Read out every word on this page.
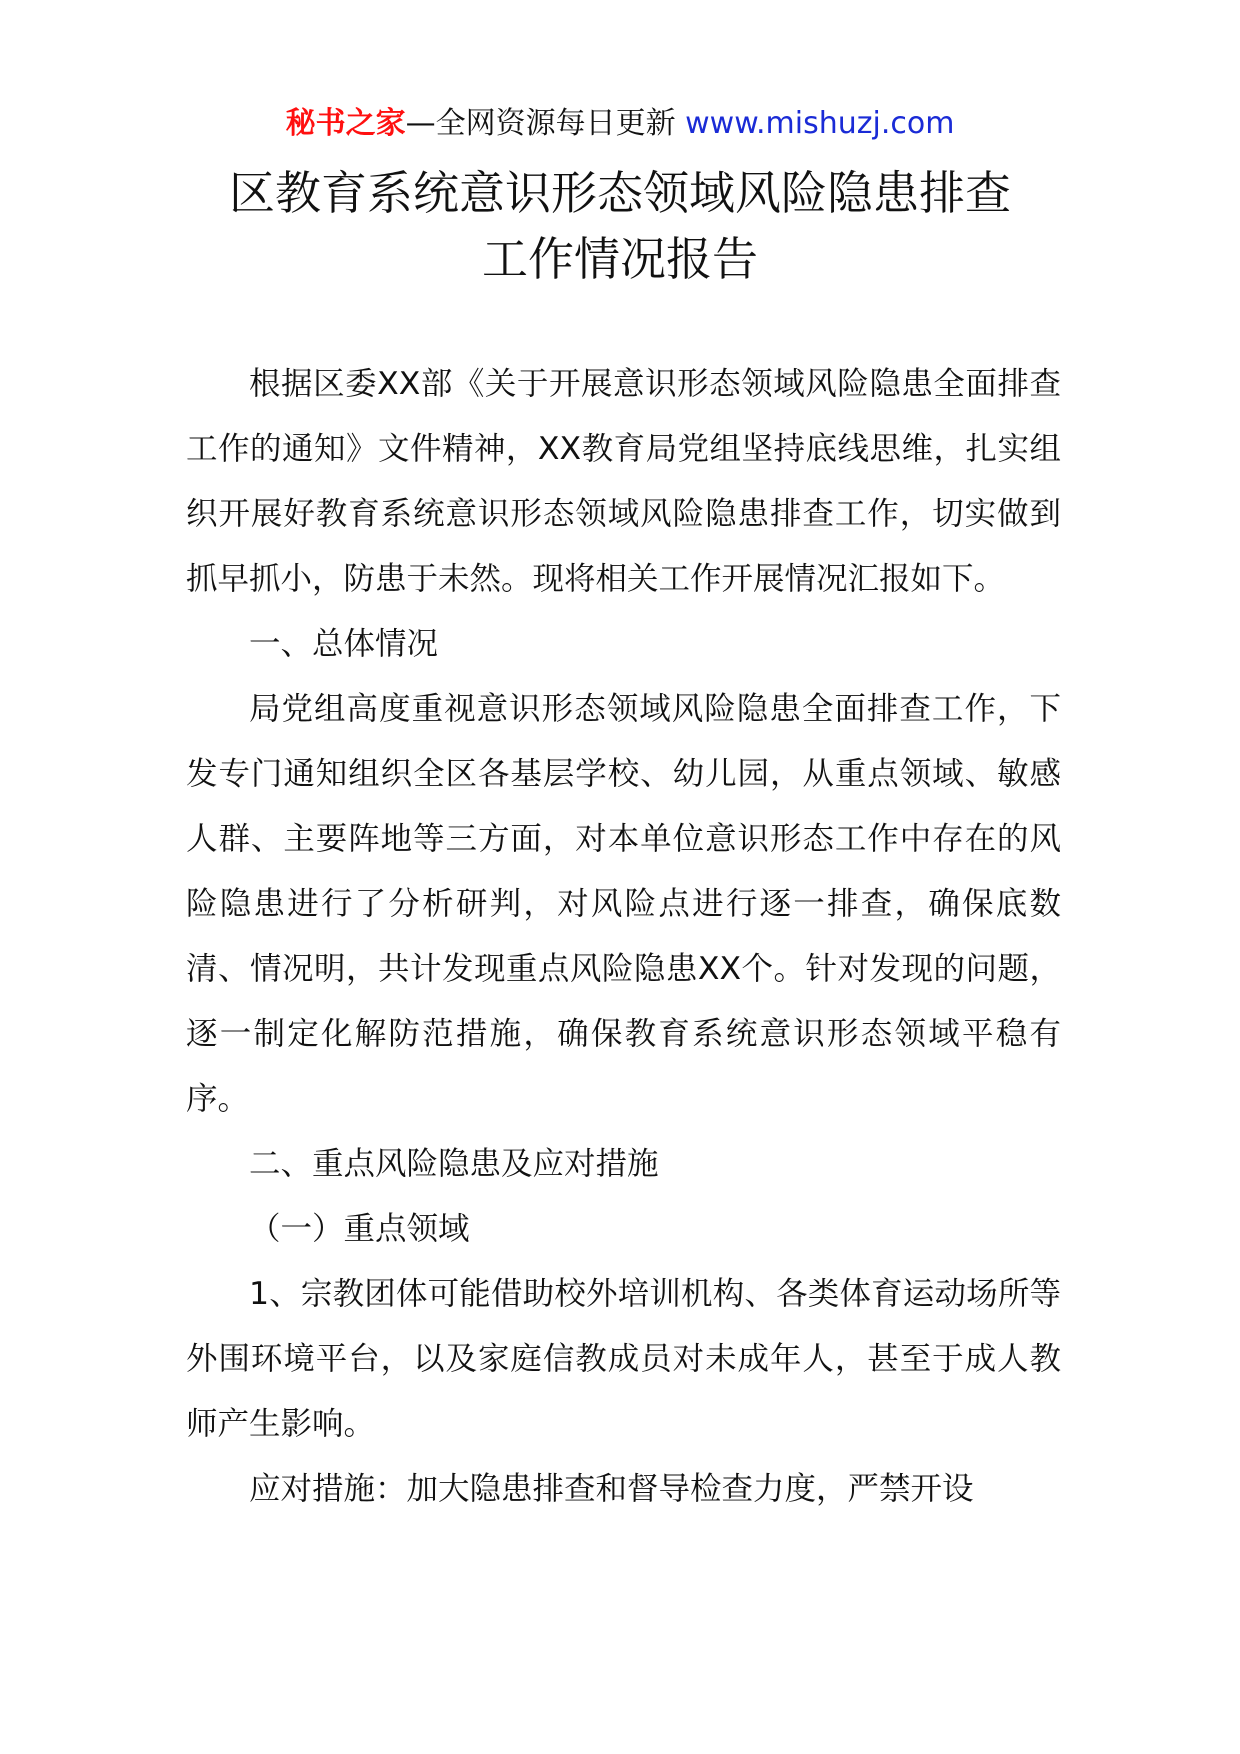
秘书之家—全网资源每日更新 www.mishuzj.com
区教育系统意识形态领域风险隐患排查
工作情况报告

根据区委XX部《关于开展意识形态领域风险隐患全面排查工作的通知》文件精神，XX教育局党组坚持底线思维，扎实组织开展好教育系统意识形态领域风险隐患排查工作，切实做到抓早抓小，防患于未然。现将相关工作开展情况汇报如下。

一、总体情况

局党组高度重视意识形态领域风险隐患全面排查工作，下发专门通知组织全区各基层学校、幼儿园，从重点领域、敏感人群、主要阵地等三方面，对本单位意识形态工作中存在的风险隐患进行了分析研判，对风险点进行逐一排查，确保底数清、情况明，共计发现重点风险隐患XX个。针对发现的问题，逐一制定化解防范措施，确保教育系统意识形态领域平稳有序。

二、重点风险隐患及应对措施

（一）重点领域

1、宗教团体可能借助校外培训机构、各类体育运动场所等外围环境平台，以及家庭信教成员对未成年人，甚至于成人教师产生影响。

应对措施：加大隐患排查和督导检查力度，严禁开设
